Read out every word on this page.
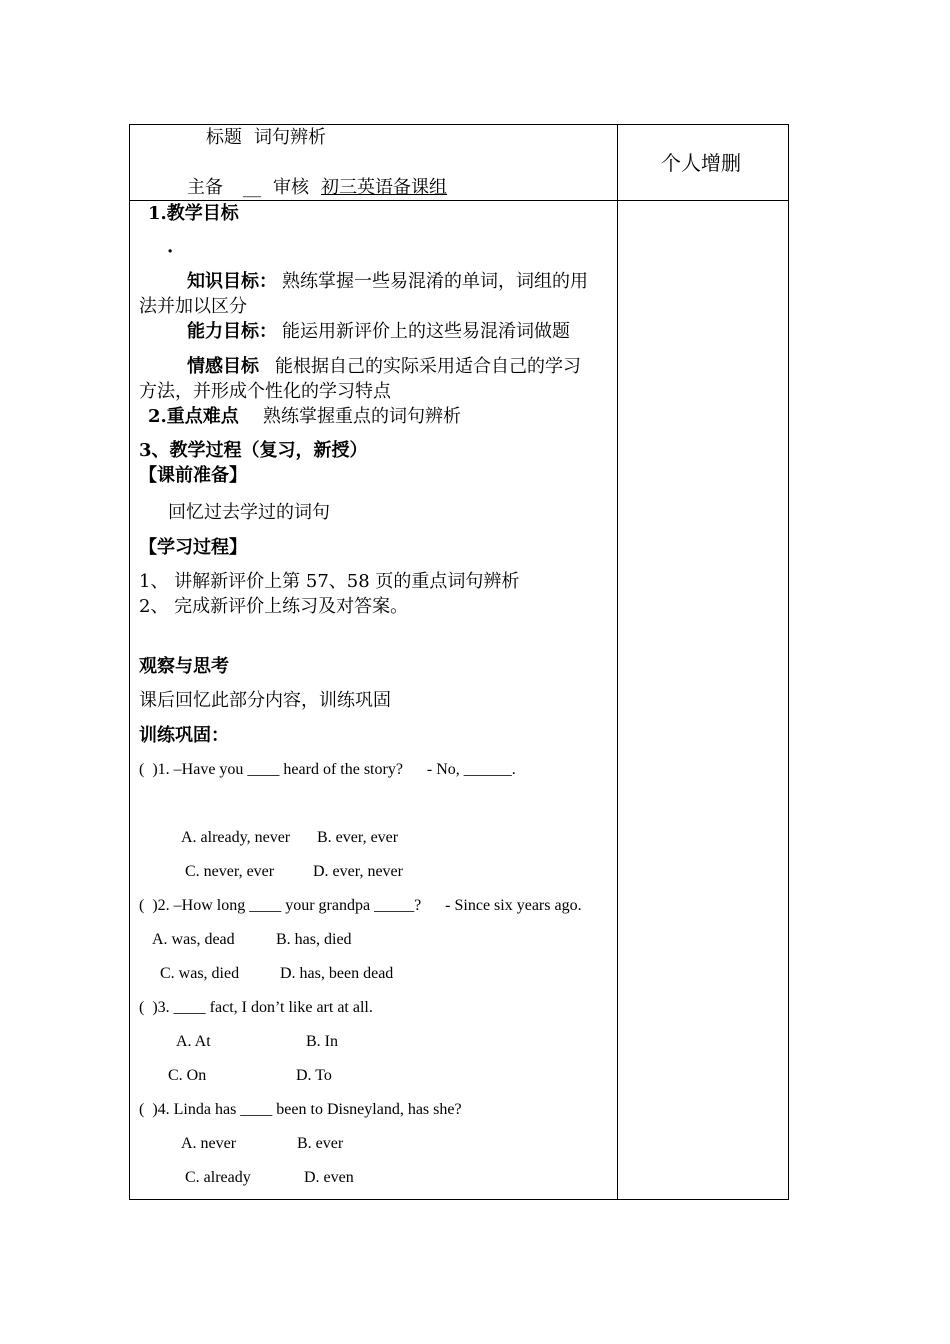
标题 词句辨析
主备 __ 审核 初三英语备课组
个人增删
1.教学目标
·
知识目标： 熟练掌握一些易混淆的单词，词组的用
法并加以区分
能力目标： 能运用新评价上的这些易混淆词做题
情感目标 能根据自己的实际采用适合自己的学习
方法，并形成个性化的学习特点
2.重点难点 熟练掌握重点的词句辨析
3、教学过程（复习，新授）
【课前准备】
回忆过去学过的词句
【学习过程】
1、 讲解新评价上第 57、58 页的重点词句辨析
2、 完成新评价上练习及对答案。
观察与思考
课后回忆此部分内容，训练巩固
训练巩固：
(  )1. –Have you ____ heard of the story?      - No, ______.
A. already, never B. ever, ever
C. never, ever D. ever, never
(  )2. –How long ____ your grandpa _____?      - Since six years ago.
A. was, dead	B. has, died
C. was, died	D. has, been dead
(  )3. ____ fact, I don’t like art at all.
A. At	B. In
C. On	D. To
(  )4. Linda has ____ been to Disneyland, has she?
A. never	B. ever
C. already	D. even
